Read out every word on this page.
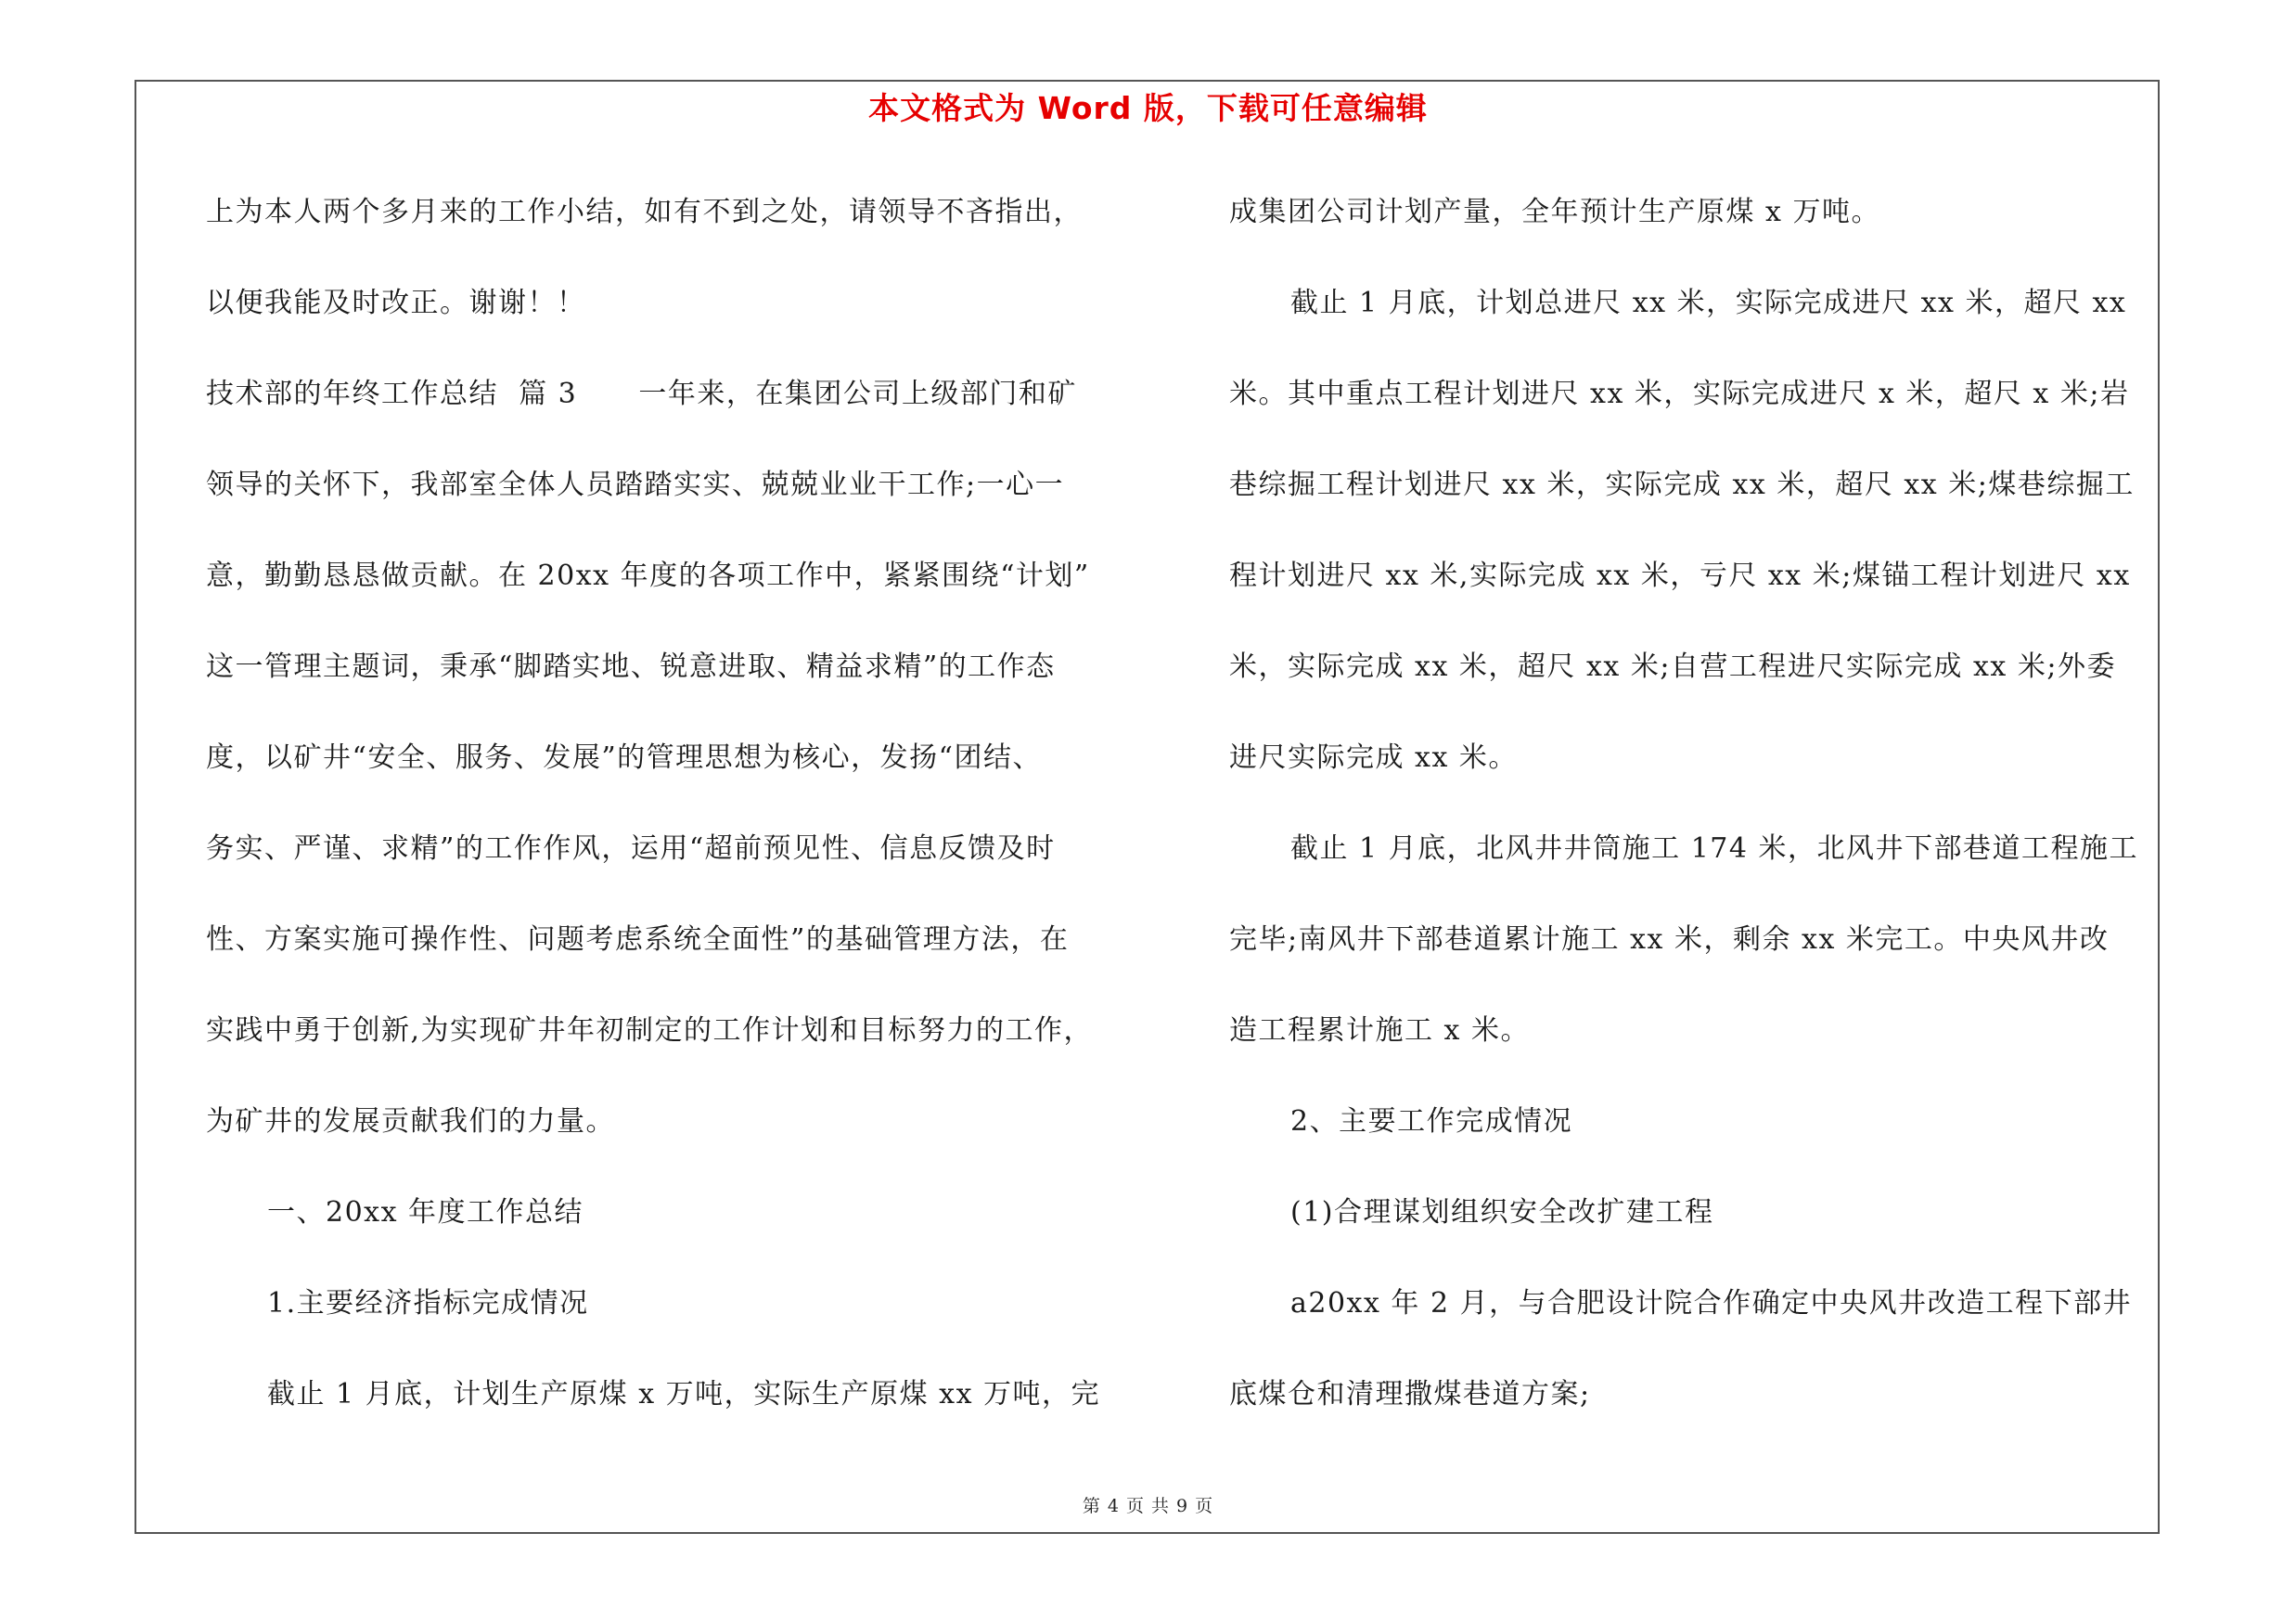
本文格式为 Word 版，下载可任意编辑
上为本人两个多月来的工作小结，如有不到之处，请领导不吝指出，
以便我能及时改正。谢谢！！
技术部的年终工作总结  篇 3      一年来，在集团公司上级部门和矿
领导的关怀下，我部室全体人员踏踏实实、兢兢业业干工作;一心一
意，勤勤恳恳做贡献。在 20xx 年度的各项工作中，紧紧围绕“计划”
这一管理主题词，秉承“脚踏实地、锐意进取、精益求精”的工作态
度，以矿井“安全、服务、发展”的管理思想为核心，发扬“团结、
务实、严谨、求精”的工作作风，运用“超前预见性、信息反馈及时
性、方案实施可操作性、问题考虑系统全面性”的基础管理方法，在
实践中勇于创新,为实现矿井年初制定的工作计划和目标努力的工作，
为矿井的发展贡献我们的力量。
一、20xx 年度工作总结
1.主要经济指标完成情况
截止 1 月底，计划生产原煤 x 万吨，实际生产原煤 xx 万吨，完
成集团公司计划产量，全年预计生产原煤 x 万吨。
截止 1 月底，计划总进尺 xx 米，实际完成进尺 xx 米，超尺 xx
米。其中重点工程计划进尺 xx 米，实际完成进尺 x 米，超尺 x 米;岩
巷综掘工程计划进尺 xx 米，实际完成 xx 米，超尺 xx 米;煤巷综掘工
程计划进尺 xx 米,实际完成 xx 米，亏尺 xx 米;煤锚工程计划进尺 xx
米，实际完成 xx 米，超尺 xx 米;自营工程进尺实际完成 xx 米;外委
进尺实际完成 xx 米。
截止 1 月底，北风井井筒施工 174 米，北风井下部巷道工程施工
完毕;南风井下部巷道累计施工 xx 米，剩余 xx 米完工。中央风井改
造工程累计施工 x 米。
2、主要工作完成情况
(1)合理谋划组织安全改扩建工程
a20xx 年 2 月，与合肥设计院合作确定中央风井改造工程下部井
底煤仓和清理撒煤巷道方案;
第 4 页 共 9 页
